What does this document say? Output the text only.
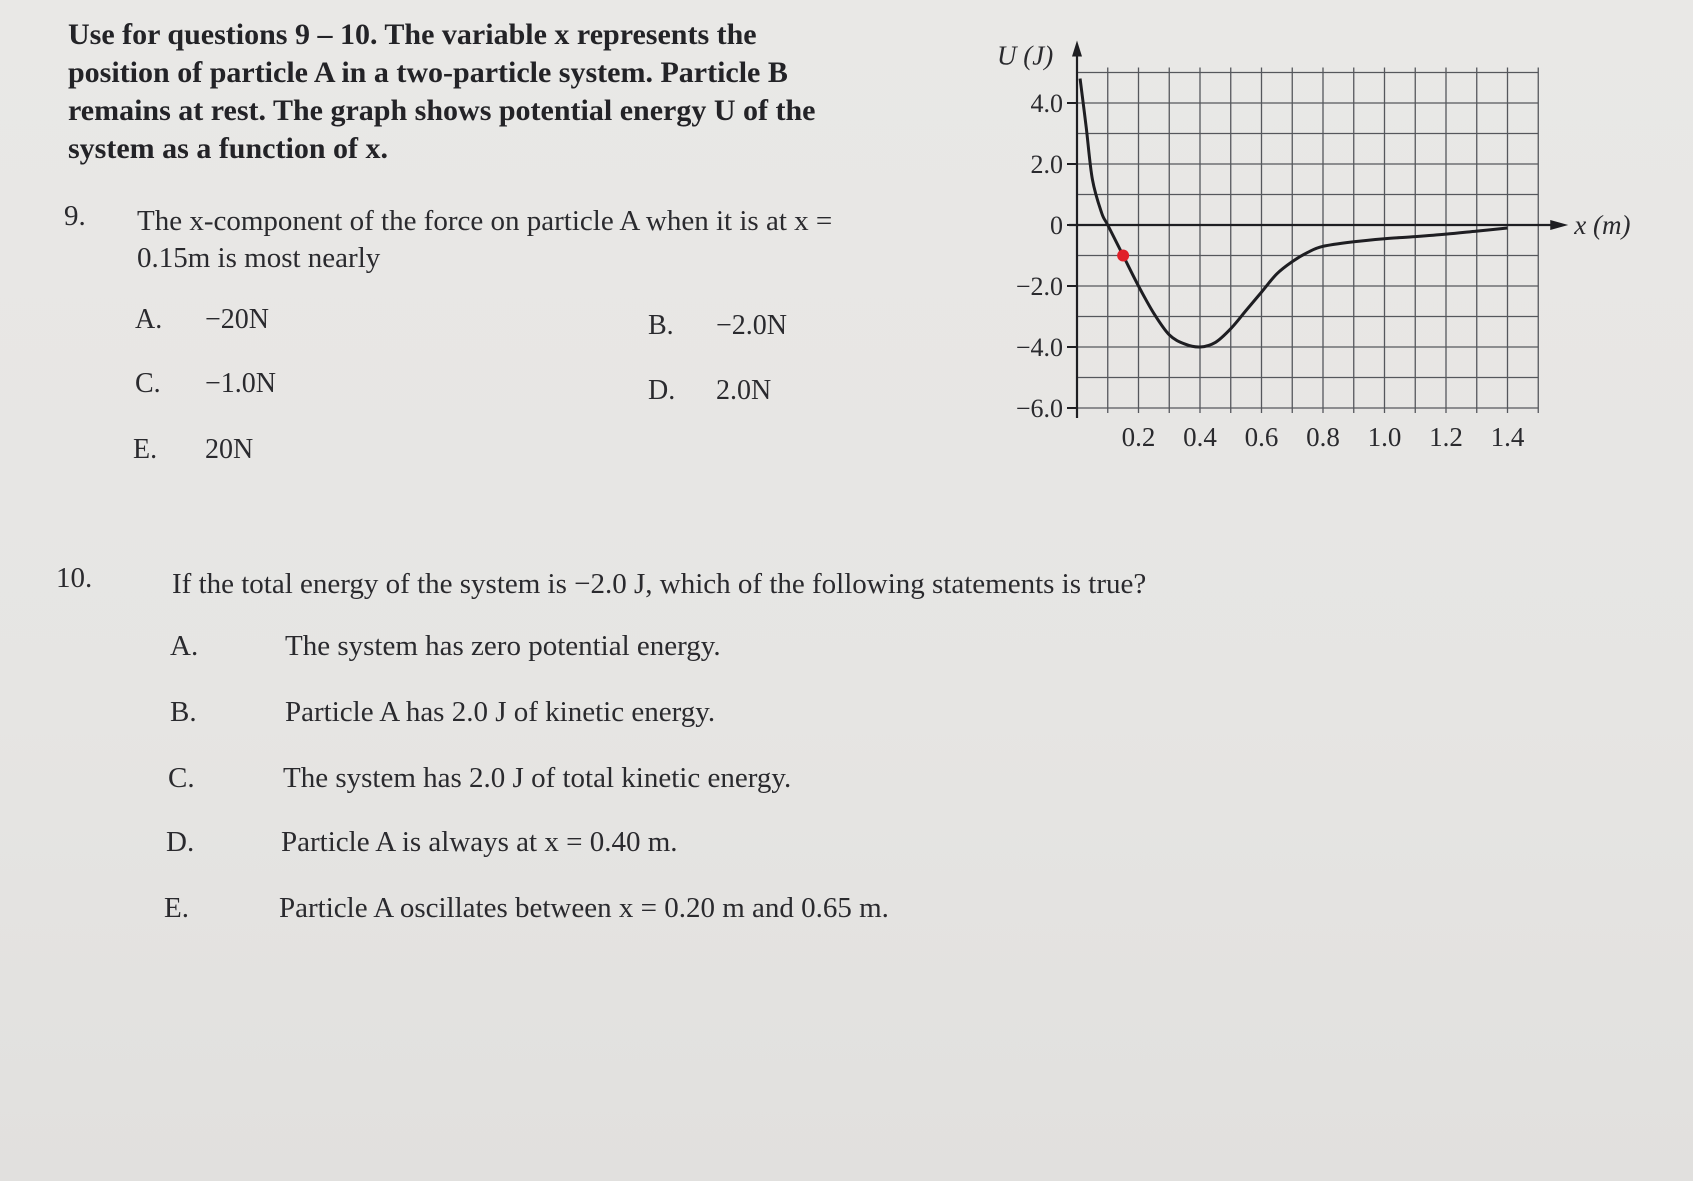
Use for questions 9 – 10. The variable x represents the
position of particle A in a two-particle system. Particle B
remains at rest. The graph shows potential energy U of the
system as a function of x.
9. The x-component of the force on particle A when it is at x =
0.15m is most nearly
A. −20N	B. −2.0N
C. −1.0N	D. 2.0N
E. 20N
4.0
2.0
0
−2.0
−4.0
−6.0
0.2 0.4 0.6 0.8 1.0 1.2 1.4
U (J)
x (m)
10.	If the total energy of the system is −2.0 J, which of the following statements is true?
A.	The system has zero potential energy.
B.	Particle A has 2.0 J of kinetic energy.
C.	The system has 2.0 J of total kinetic energy.
D.	Particle A is always at x = 0.40 m.
E.	Particle A oscillates between x = 0.20 m and 0.65 m.
